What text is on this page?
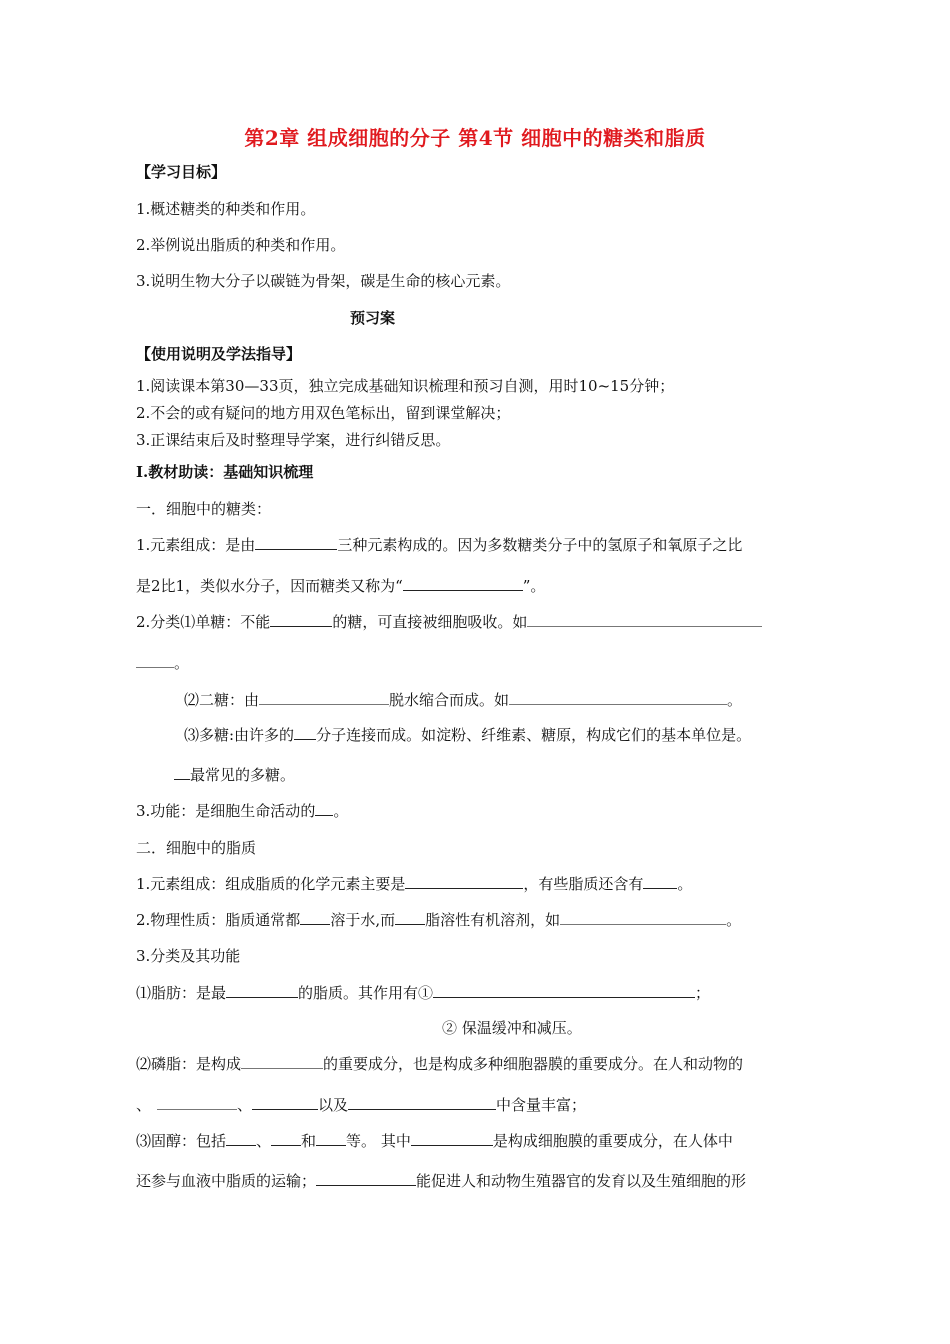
第2章 组成细胞的分子 第4节 细胞中的糖类和脂质
【学习目标】
1.概述糖类的种类和作用。
2.举例说出脂质的种类和作用。
3.说明生物大分子以碳链为骨架，碳是生命的核心元素。
预习案
【使用说明及学法指导】
1.阅读课本第30—33页，独立完成基础知识梳理和预习自测，用时10~15分钟；
2.不会的或有疑问的地方用双色笔标出，留到课堂解决；
3.正课结束后及时整理导学案，进行纠错反思。
Ⅰ.教材助读：基础知识梳理
一．细胞中的糖类：
1.元素组成：是由	三种元素构成的。因为多数糖类分子中的氢原子和氧原子之比
是2比1，类似水分子，因而糖类又称为“	”。
2.分类⑴单糖：不能	的糖，可直接被细胞吸收。如
。
⑵二糖：由	脱水缩合而成。如	。
⑶多糖:由许多的 分子连接而成。如淀粉、纤维素、糖原，构成它们的基本单位是。
最常见的多糖。
3.功能：是细胞生命活动的 。
二．细胞中的脂质
1.元素组成：组成脂质的化学元素主要是	，有些脂质还含有 。
2.物理性质：脂质通常都 溶于水,而 脂溶性有机溶剂，如	。
3.分类及其功能
⑴脂肪：是最	的脂质。其作用有①	；
② 保温缓冲和减压。
⑵磷脂：是构成	的重要成分，也是构成多种细胞器膜的重要成分。在人和动物的
、	、	以及	中含量丰富；
⑶固醇：包括 、 和 等。 其中	是构成细胞膜的重要成分，在人体中
还参与血液中脂质的运输；	能促进人和动物生殖器官的发育以及生殖细胞的形
